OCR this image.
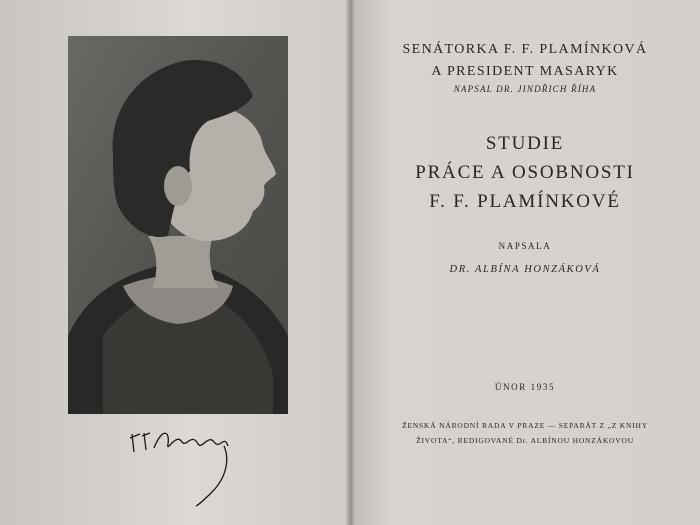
SENÁTORKA F. F. PLAMÍNKOVÁ
A PRESIDENT MASARYK
NAPSAL DR. JINDŘICH ŘÍHA
STUDIE
PRÁCE A OSOBNOSTI
F. F. PLAMÍNKOVÉ
NAPSALA
DR. ALBÍNA HONZÁKOVÁ
ÚNOR 1935
ŽENSKÁ NÁRODNÍ RADA V PRAZE — SEPARÁT Z „Z KNIHY
ŽIVOTA“, REDIGOVANÉ Dr. ALBÍNOU HONZÁKOVOU
